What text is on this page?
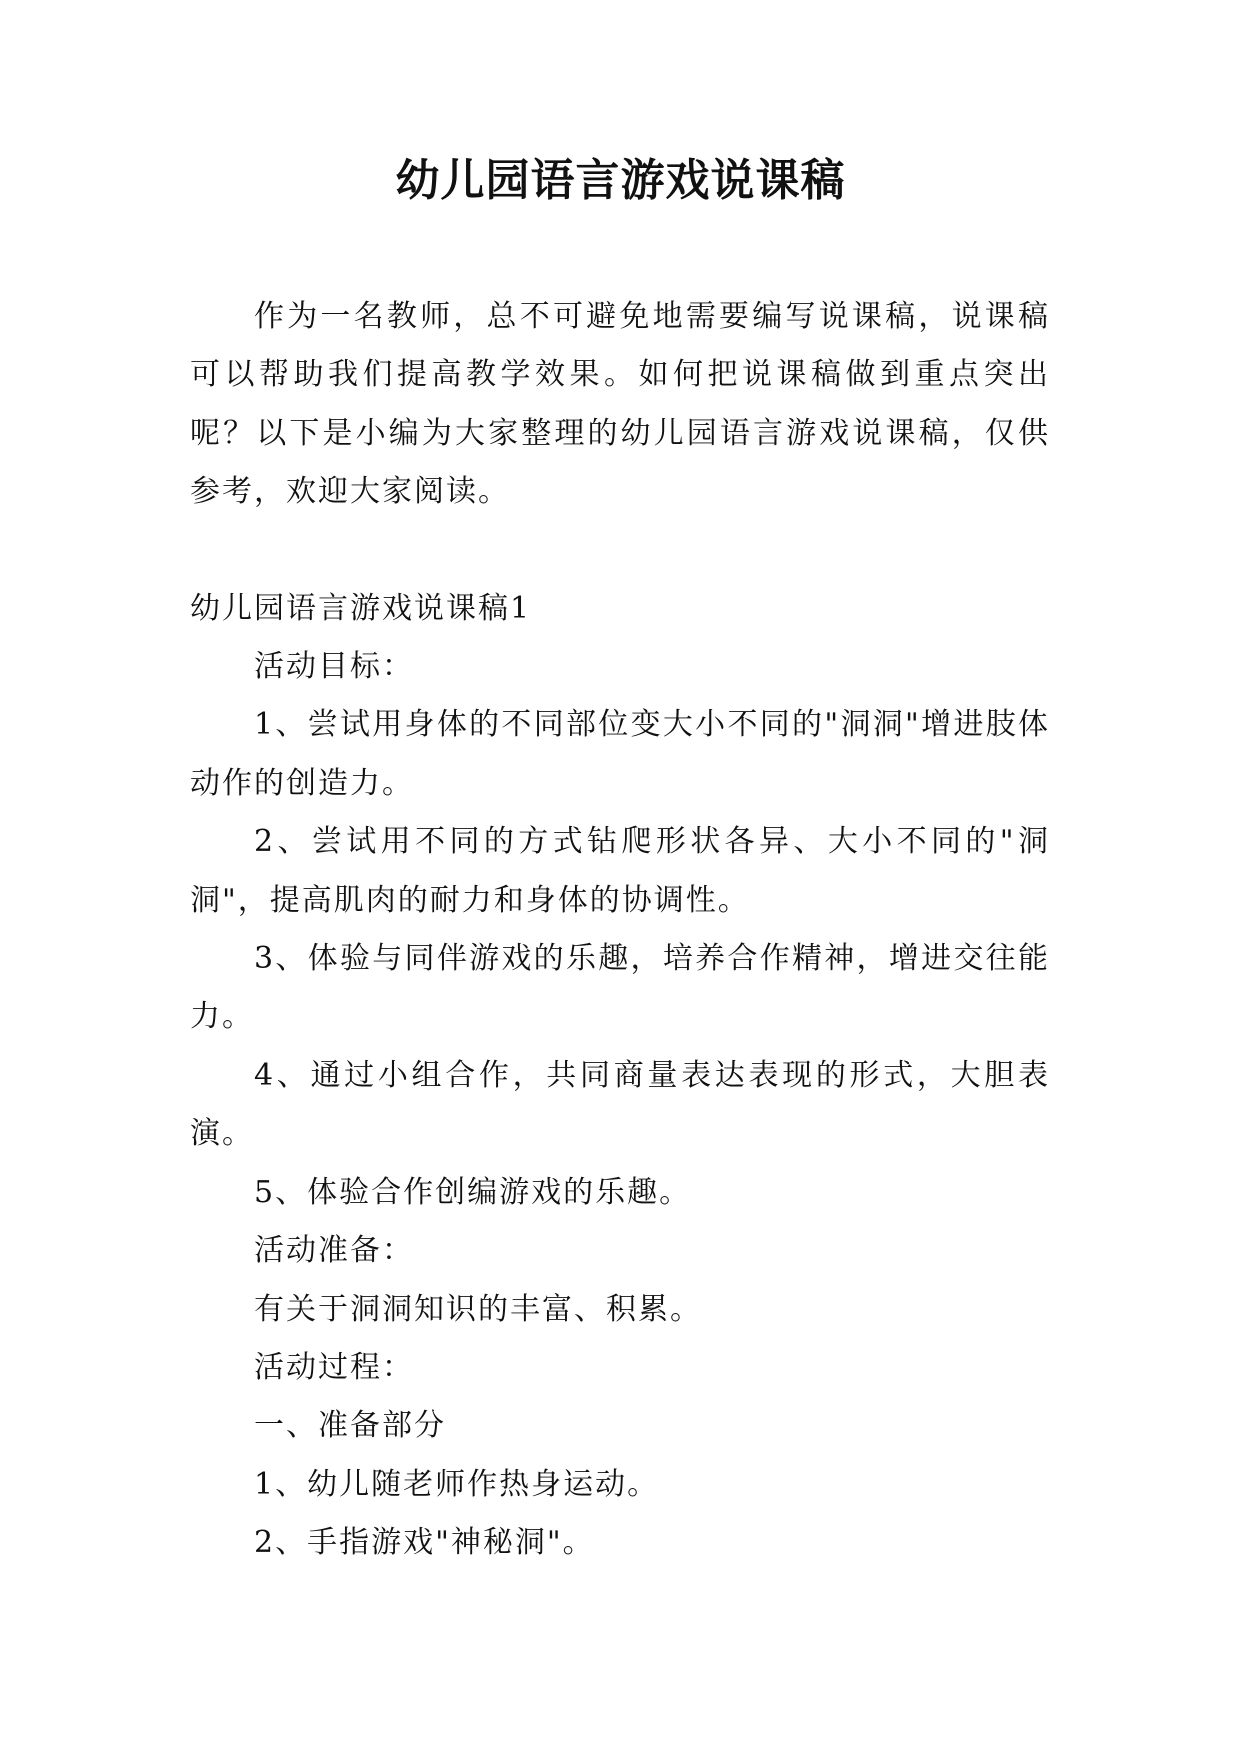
幼儿园语言游戏说课稿

作为一名教师，总不可避免地需要编写说课稿，说课稿可以帮助我们提高教学效果。如何把说课稿做到重点突出呢？以下是小编为大家整理的幼儿园语言游戏说课稿，仅供参考，欢迎大家阅读。

幼儿园语言游戏说课稿1

活动目标：

1、尝试用身体的不同部位变大小不同的"洞洞"增进肢体动作的创造力。

2、尝试用不同的方式钻爬形状各异、大小不同的"洞洞"，提高肌肉的耐力和身体的协调性。

3、体验与同伴游戏的乐趣，培养合作精神，增进交往能力。

4、通过小组合作，共同商量表达表现的形式，大胆表演。

5、体验合作创编游戏的乐趣。

活动准备：

有关于洞洞知识的丰富、积累。

活动过程：

一、准备部分

1、幼儿随老师作热身运动。

2、手指游戏"神秘洞"。
